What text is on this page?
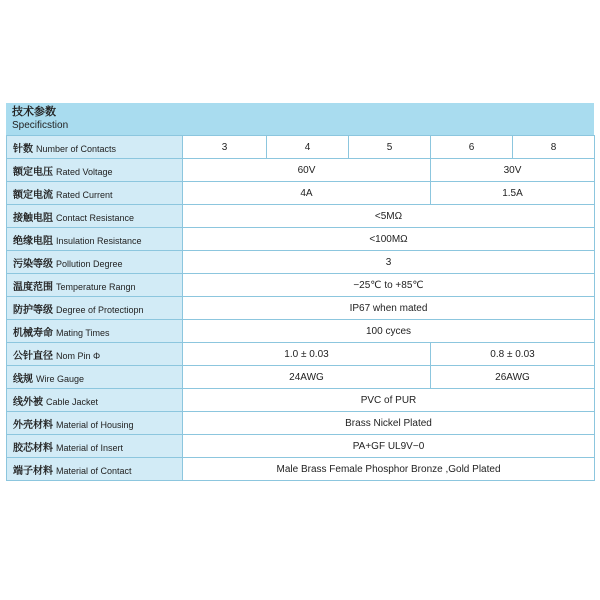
技术参数
Specificstion
针数 Number of Contacts	3	4	5	6	8
额定电压 Rated Voltage	60V			30V	
额定电流 Rated Current	4A			1.5A	
接触电阻 Contact Resistance	<5MΩ				
绝缘电阻 Insulation Resistance	<100MΩ				
污染等级 Pollution Degree	3				
温度范围 Temperature Rangn	−25℃ to +85℃				
防护等级 Degree of Protectiopn	IP67 when mated				
机械寿命 Mating Times	100 cyces				
公针直径 Nom Pin Φ	1.0 ± 0.03			0.8 ± 0.03	
线规 Wire Gauge	24AWG			26AWG	
线外被 Cable Jacket	PVC of PUR				
外壳材料 Material of Housing	Brass Nickel Plated				
胶芯材料 Material of Insert	PA+GF UL9V−0				
端子材料 Material of Contact	Male Brass Female Phosphor Bronze ,Gold Plated				
